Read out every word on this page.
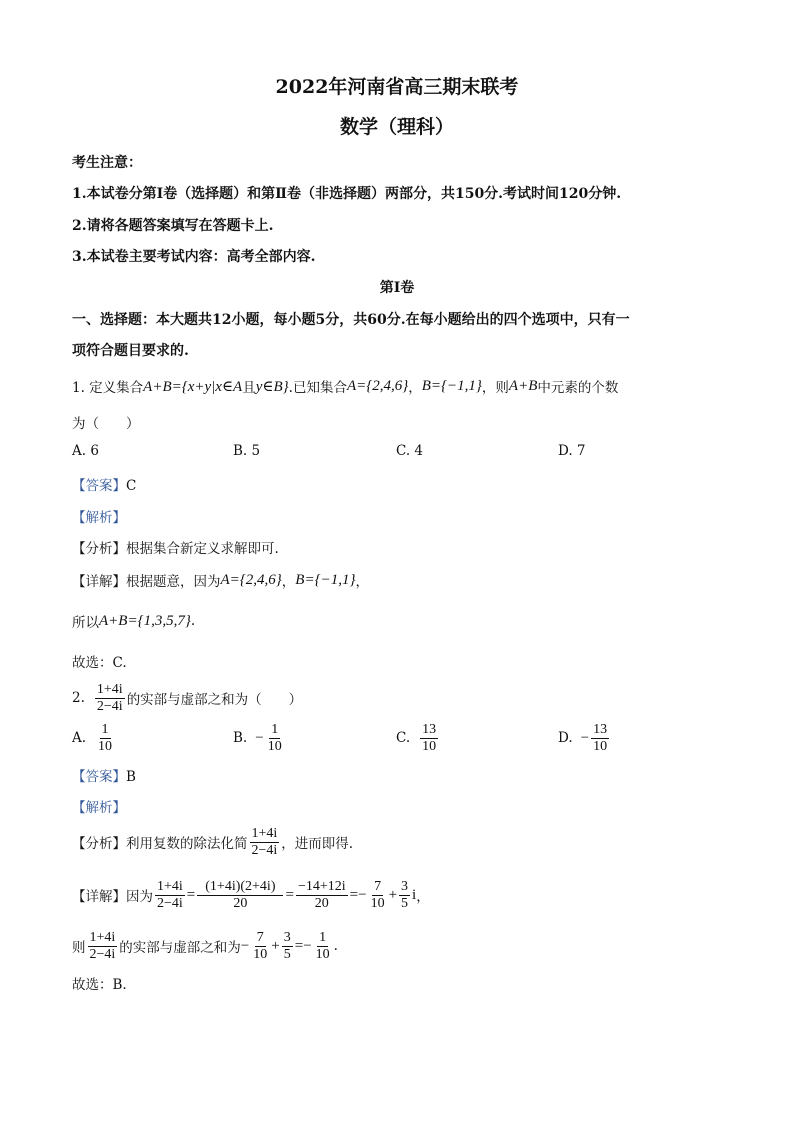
2022年河南省高三期末联考
数学（理科）
考生注意：
1.本试卷分第Ⅰ卷（选择题）和第Ⅱ卷（非选择题）两部分，共150分.考试时间120分钟.
2.请将各题答案填写在答题卡上.
3.本试卷主要考试内容：高考全部内容.
第Ⅰ卷
一、选择题：本大题共12小题，每小题5分，共60分.在每小题给出的四个选项中，只有一
项符合题目要求的.
1. 定义集合 A+B={x+y|x∈A 且 y∈B} .已知集合 A={2,4,6} ， B={−1,1} ，则 A+B 中元素的个数
为（　　）
A. 6	B. 5	C. 4	D. 7
【答案】C
【解析】
【分析】根据集合新定义求解即可.
【详解】 根据题意，因为 A={2,4,6} ， B={−1,1} ，
所以 A+B={1,3,5,7} .
故选：C.
2. $\frac{1+4i}{2-4i}$ 的实部与虚部之和为（　　）
A. $\frac{1}{10}$	B. − $\frac{1}{10}$	C. $\frac{13}{10}$	D. − $\frac{13}{10}$
【答案】B
【解析】
【分析】 利用复数的除法化简 $\frac{1+4i}{2-4i}$ ，进而即得.
【详解】 因为 $\frac{1+4i}{2-4i} = \frac{(1+4i)(2+4i)}{20} = \frac{-14+12i}{20}$ = − $\frac{7}{10} + \frac{3}{5}$ i ，
则 $\frac{1+4i}{2-4i}$ 的实部与虚部之和为 − $\frac{7}{10} + \frac{3}{5}$ = − $\frac{1}{10}$ .
故选：B.
